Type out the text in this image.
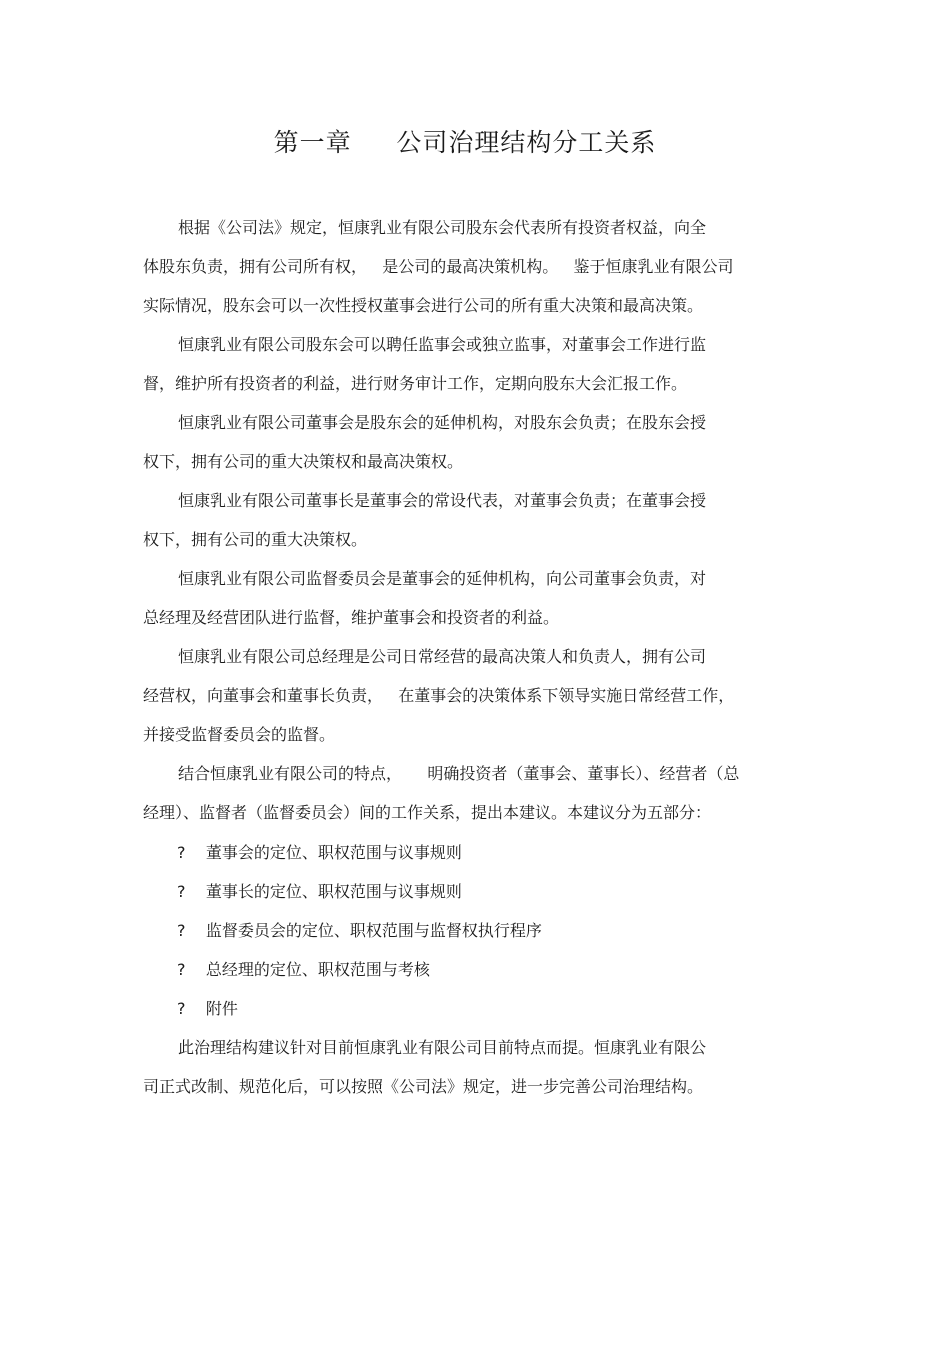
第一章     公司治理结构分工关系
根据《公司法》规定，恒康乳业有限公司股东会代表所有投资者权益，向全
体股东负责，拥有公司所有权，   是公司的最高决策机构。   鉴于恒康乳业有限公司
实际情况，股东会可以一次性授权董事会进行公司的所有重大决策和最高决策。
恒康乳业有限公司股东会可以聘任监事会或独立监事，对董事会工作进行监
督，维护所有投资者的利益，进行财务审计工作，定期向股东大会汇报工作。
恒康乳业有限公司董事会是股东会的延伸机构，对股东会负责；在股东会授
权下，拥有公司的重大决策权和最高决策权。
恒康乳业有限公司董事长是董事会的常设代表，对董事会负责；在董事会授
权下，拥有公司的重大决策权。
恒康乳业有限公司监督委员会是董事会的延伸机构，向公司董事会负责，对
总经理及经营团队进行监督，维护董事会和投资者的利益。
恒康乳业有限公司总经理是公司日常经营的最高决策人和负责人，拥有公司
经营权，向董事会和董事长负责，   在董事会的决策体系下领导实施日常经营工作，
并接受监督委员会的监督。
结合恒康乳业有限公司的特点，     明确投资者（董事会、董事长）、经营者（总
经理）、监督者（监督委员会）间的工作关系，提出本建议。本建议分为五部分：
?    董事会的定位、职权范围与议事规则
?    董事长的定位、职权范围与议事规则
?    监督委员会的定位、职权范围与监督权执行程序
?    总经理的定位、职权范围与考核
?    附件
此治理结构建议针对目前恒康乳业有限公司目前特点而提。恒康乳业有限公
司正式改制、规范化后，可以按照《公司法》规定，进一步完善公司治理结构。
